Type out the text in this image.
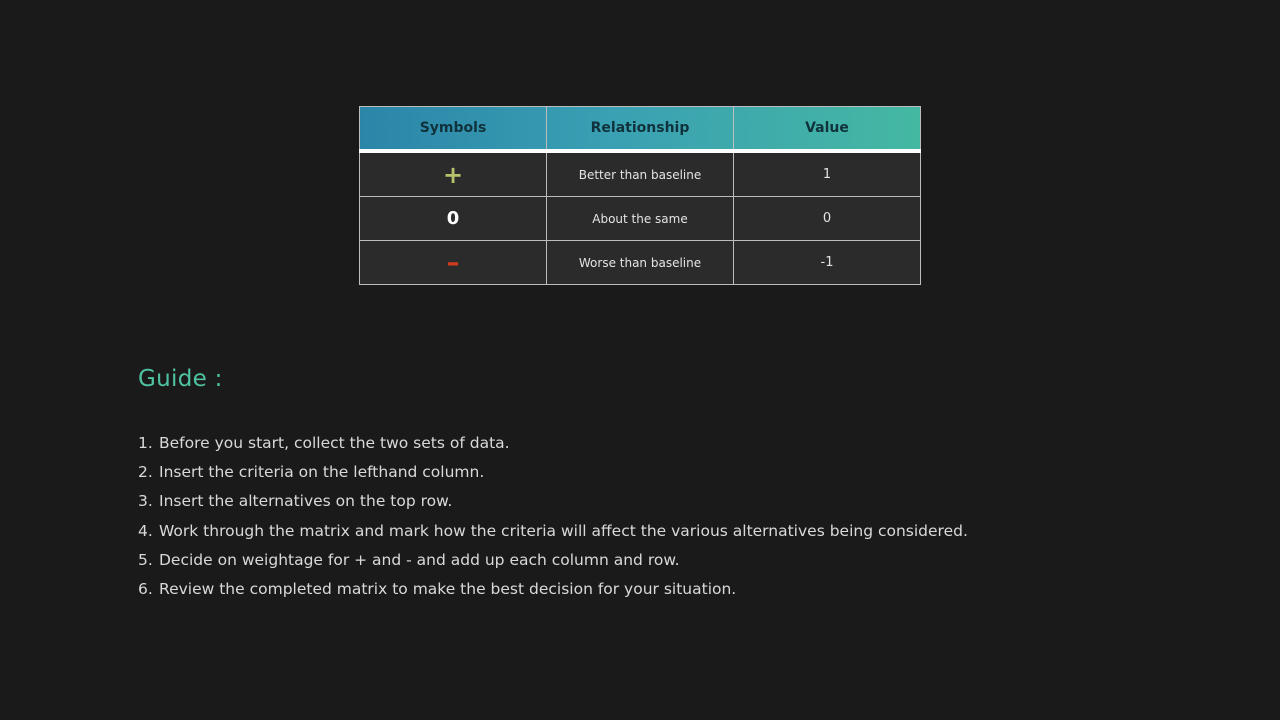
Symbols	Relationship	Value
+	Better than baseline	1
0	About the same	0
–	Worse than baseline	-1
Guide :
1. Before you start, collect the two sets of data.
2. Insert the criteria on the lefthand column.
3. Insert the alternatives on the top row.
4. Work through the matrix and mark how the criteria will affect the various alternatives being considered.
5. Decide on weightage for + and - and add up each column and row.
6. Review the completed matrix to make the best decision for your situation.
